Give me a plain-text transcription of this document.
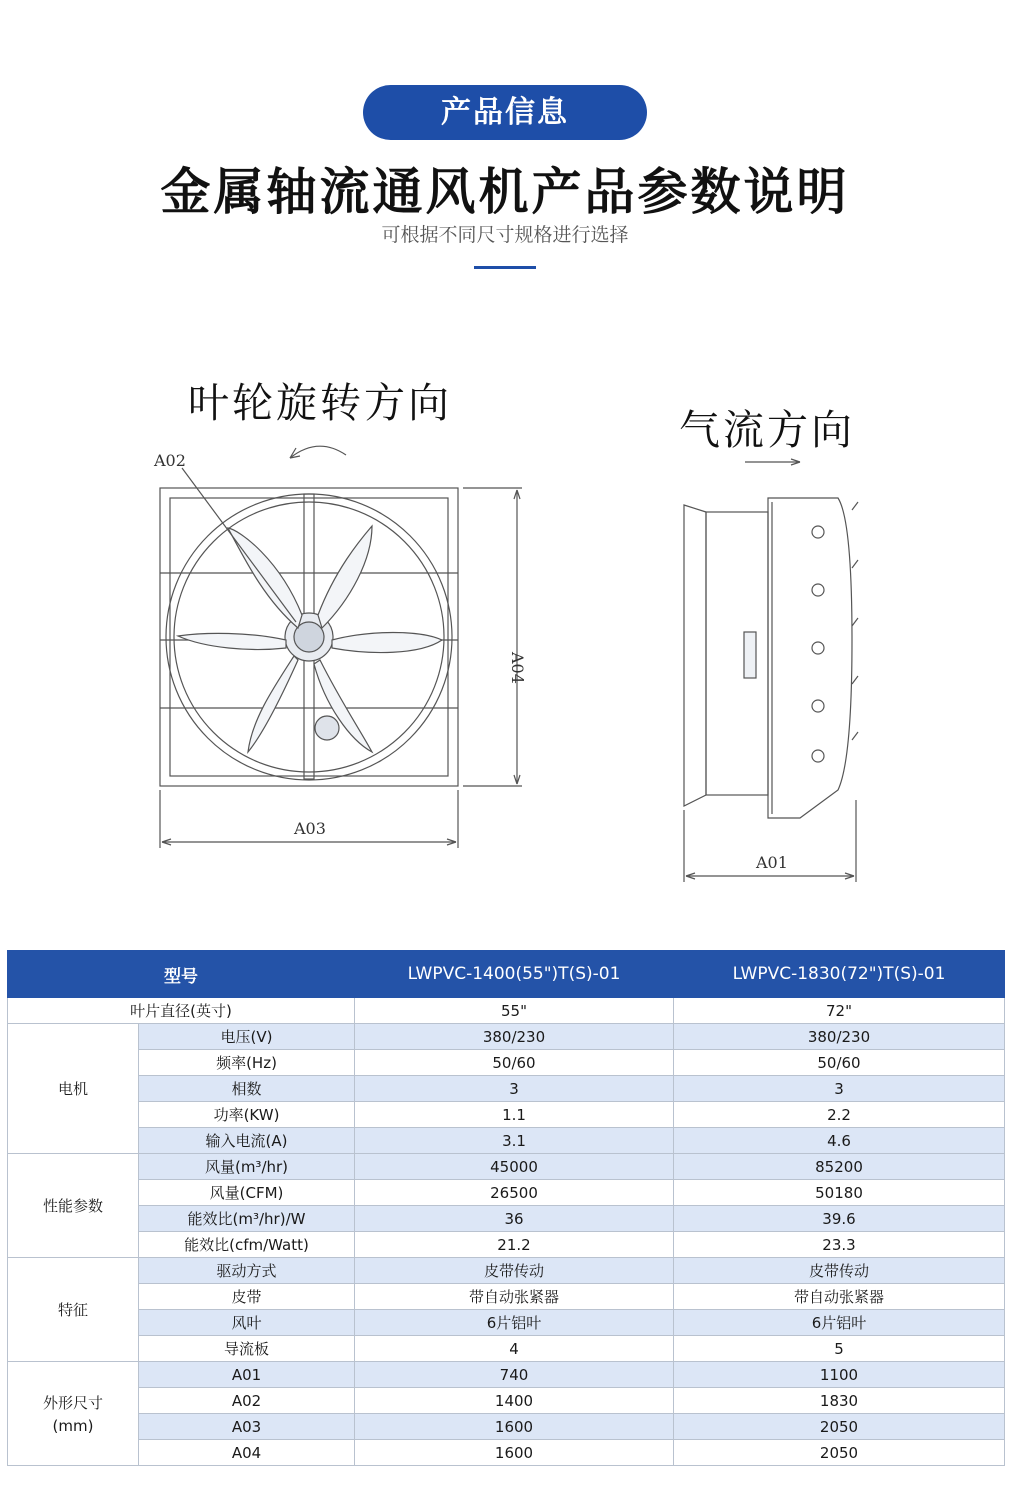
产品信息
金属轴流通风机产品参数说明
可根据不同尺寸规格进行选择
叶轮旋转方向
气流方向
A02
A03
A04
A01
型号		LWPVC-1400(55")T(S)-01	LWPVC-1830(72")T(S)-01
叶片直径(英寸)		55"	72"

电机	电压(V)	380/230	380/230
	频率(Hz)	50/60	50/60
	相数	3	3
	功率(KW)	1.1	2.2
	输入电流(A)	3.1	4.6

性能参数	风量(m³/hr)	45000	85200
	风量(CFM)	26500	50180
	能效比(m³/hr)/W	36	39.6
	能效比(cfm/Watt)	21.2	23.3

特征	驱动方式	皮带传动	皮带传动
	皮带	带自动张紧器	带自动张紧器
	风叶	6片铝叶	6片铝叶
	导流板	4	5

外形尺寸
(mm)	A01	740	1100
	A02	1400	1830
	A03	1600	2050
	A04	1600	2050
